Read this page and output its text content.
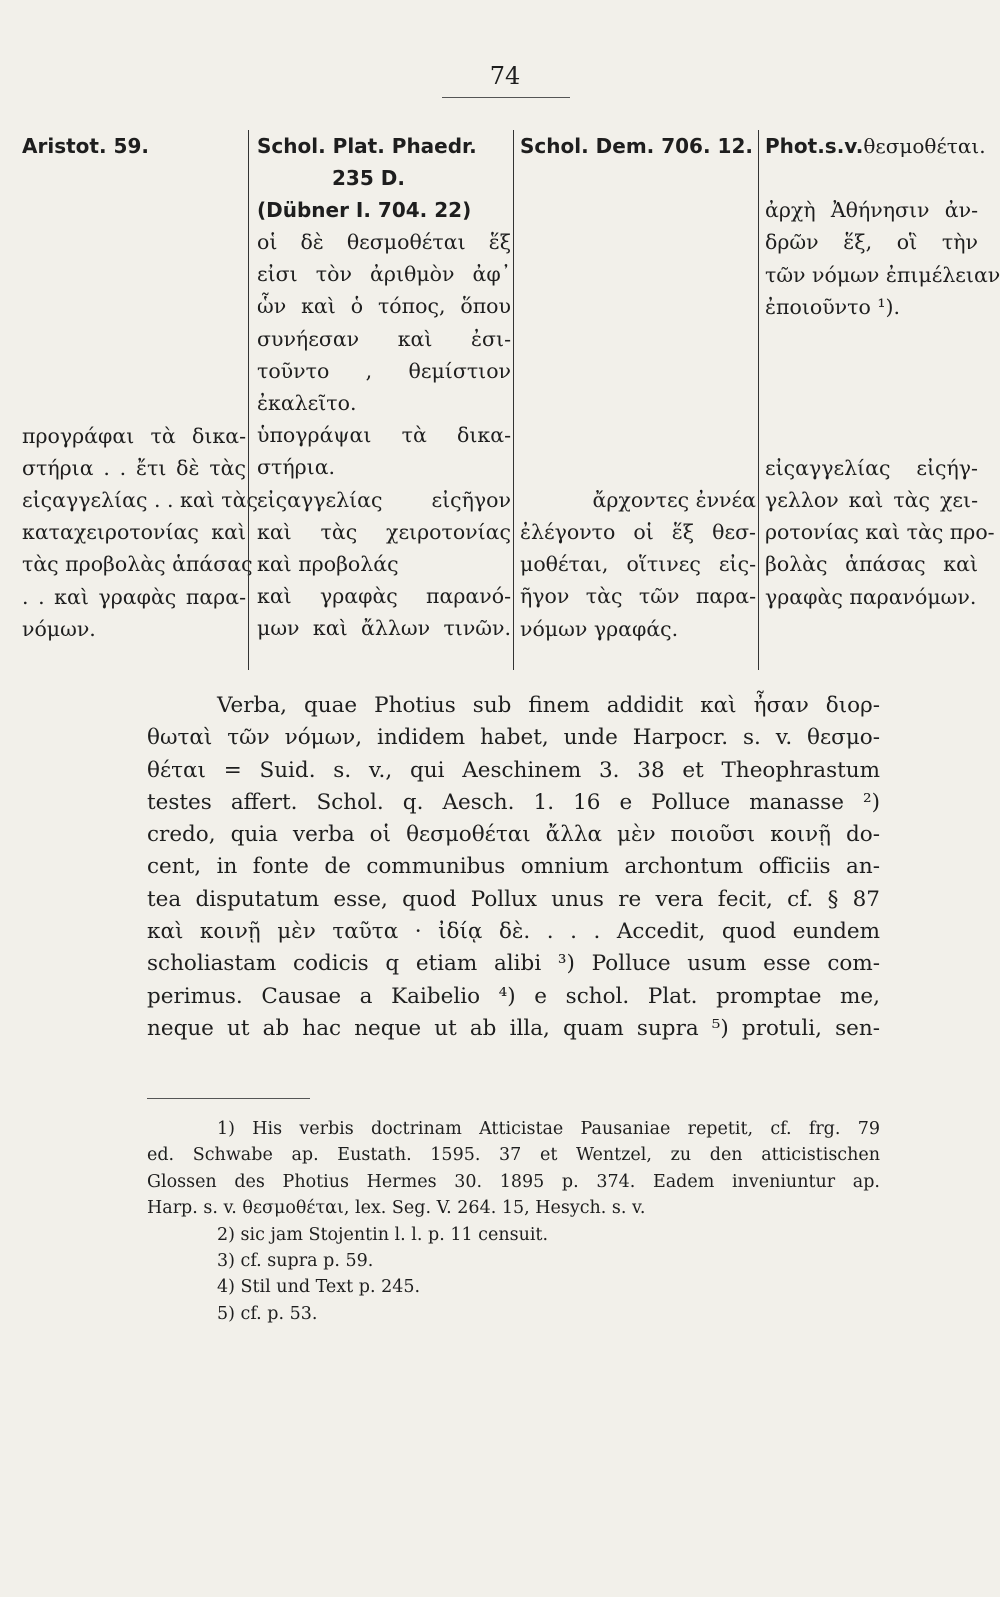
74
Aristot. 59.
προγράφαι τὰ δικα-
στήρια . . ἔτι δὲ τὰς
εἰςαγγελίας . . καὶ τὰς
καταχειροτονίας καὶ
τὰς προβολὰς ἁπάσας
. . καὶ γραφὰς παρα-
νόμων.
Schol. Plat. Phaedr.
235 D.
(Dübner I. 704. 22)
οἱ δὲ θεσμοθέται ἕξ
εἰσι τὸν ἀριθμὸν ἀφ᾽
ὧν καὶ ὁ τόπος, ὅπου
συνήεσαν καὶ ἐσι-
τοῦντο , θεμίστιον
ἐκαλεῖτο.
ὑπογράψαι τὰ δικα-
στήρια.
εἰςαγγελίας εἰςῆγον
καὶ τὰς χειροτονίας
καὶ προβολάς
καὶ γραφὰς παρανό-
μων καὶ ἄλλων τινῶν.
Schol. Dem. 706. 12.
ἄρχοντες ἐννέα
ἐλέγοντο οἱ ἕξ θεσ-
μοθέται, οἵτινες εἰς-
ῆγον τὰς τῶν παρα-
νόμων γραφάς.
Phot.s.v.θεσμοθέται.
ἀρχὴ Ἀθήνησιν ἀν-
δρῶν ἕξ, οἳ τὴν
τῶν νόμων ἐπιμέλειαν
ἐποιοῦντο ¹).
εἰςαγγελίας εἰςήγ-
γελλον καὶ τὰς χει-
ροτονίας καὶ τὰς προ-
βολὰς ἁπάσας καὶ
γραφὰς παρανόμων.
Verba, quae Photius sub finem addidit καὶ ἦσαν διορ-
θωταὶ τῶν νόμων, indidem habet, unde Harpocr. s. v. θεσμο-
θέται = Suid. s. v., qui Aeschinem 3. 38 et Theophrastum
testes affert. Schol. q. Aesch. 1. 16 e Polluce manasse ²)
credo, quia verba οἱ θεσμοθέται ἄλλα μὲν ποιοῦσι κοινῇ do-
cent, in fonte de communibus omnium archontum officiis an-
tea disputatum esse, quod Pollux unus re vera fecit, cf. § 87
καὶ κοινῇ μὲν ταῦτα · ἰδίᾳ δὲ. . . . Accedit, quod eundem
scholiastam codicis q etiam alibi ³) Polluce usum esse com-
perimus. Causae a Kaibelio ⁴) e schol. Plat. promptae me,
neque ut ab hac neque ut ab illa, quam supra ⁵) protuli, sen-
1) His verbis doctrinam Atticistae Pausaniae repetit, cf. frg. 79
ed. Schwabe ap. Eustath. 1595. 37 et Wentzel, zu den atticistischen
Glossen des Photius Hermes 30. 1895 p. 374. Eadem inveniuntur ap.
Harp. s. v. θεσμοθέται, lex. Seg. V. 264. 15, Hesych. s. v.
2) sic jam Stojentin l. l. p. 11 censuit.
3) cf. supra p. 59.
4) Stil und Text p. 245.
5) cf. p. 53.
